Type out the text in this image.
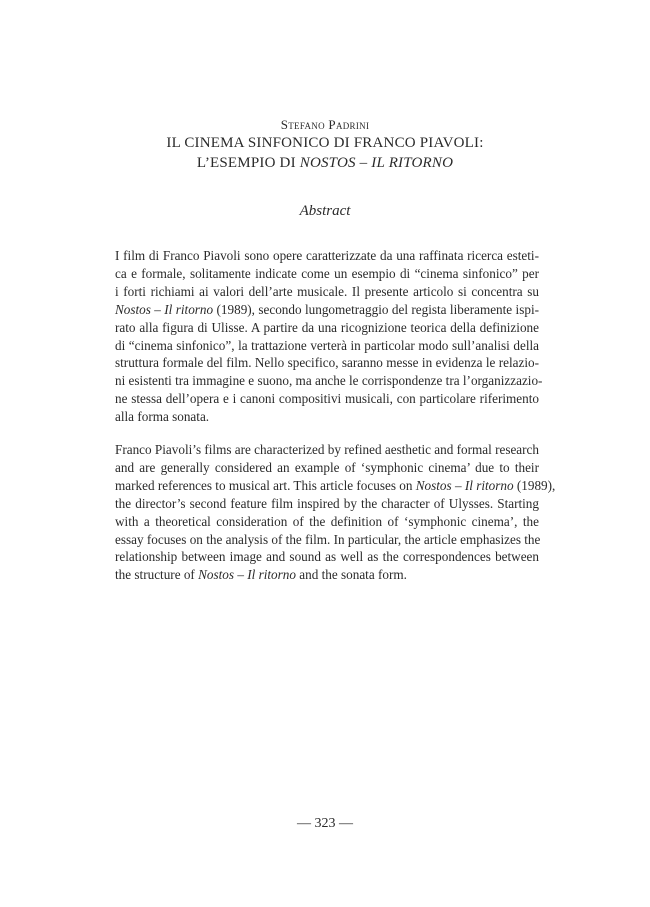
Stefano Padrini
IL CINEMA SINFONICO DI FRANCO PIAVOLI:
L’ESEMPIO DI NOSTOS – IL RITORNO
Abstract
I film di Franco Piavoli sono opere caratterizzate da una raffinata ricerca esteti-
ca e formale, solitamente indicate come un esempio di “cinema sinfonico” per
i forti richiami ai valori dell’arte musicale. Il presente articolo si concentra su
Nostos – Il ritorno (1989), secondo lungometraggio del regista liberamente ispi-
rato alla figura di Ulisse. A partire da una ricognizione teorica della definizione
di “cinema sinfonico”, la trattazione verterà in particolar modo sull’analisi della
struttura formale del film. Nello specifico, saranno messe in evidenza le relazio-
ni esistenti tra immagine e suono, ma anche le corrispondenze tra l’organizzazio-
ne stessa dell’opera e i canoni compositivi musicali, con particolare riferimento
alla forma sonata.
Franco Piavoli’s films are characterized by refined aesthetic and formal research
and are generally considered an example of ‘symphonic cinema’ due to their
marked references to musical art. This article focuses on Nostos – Il ritorno (1989),
the director’s second feature film inspired by the character of Ulysses. Starting
with a theoretical consideration of the definition of ‘symphonic cinema’, the
essay focuses on the analysis of the film. In particular, the article emphasizes the
relationship between image and sound as well as the correspondences between
the structure of Nostos – Il ritorno and the sonata form.
— 323 —
